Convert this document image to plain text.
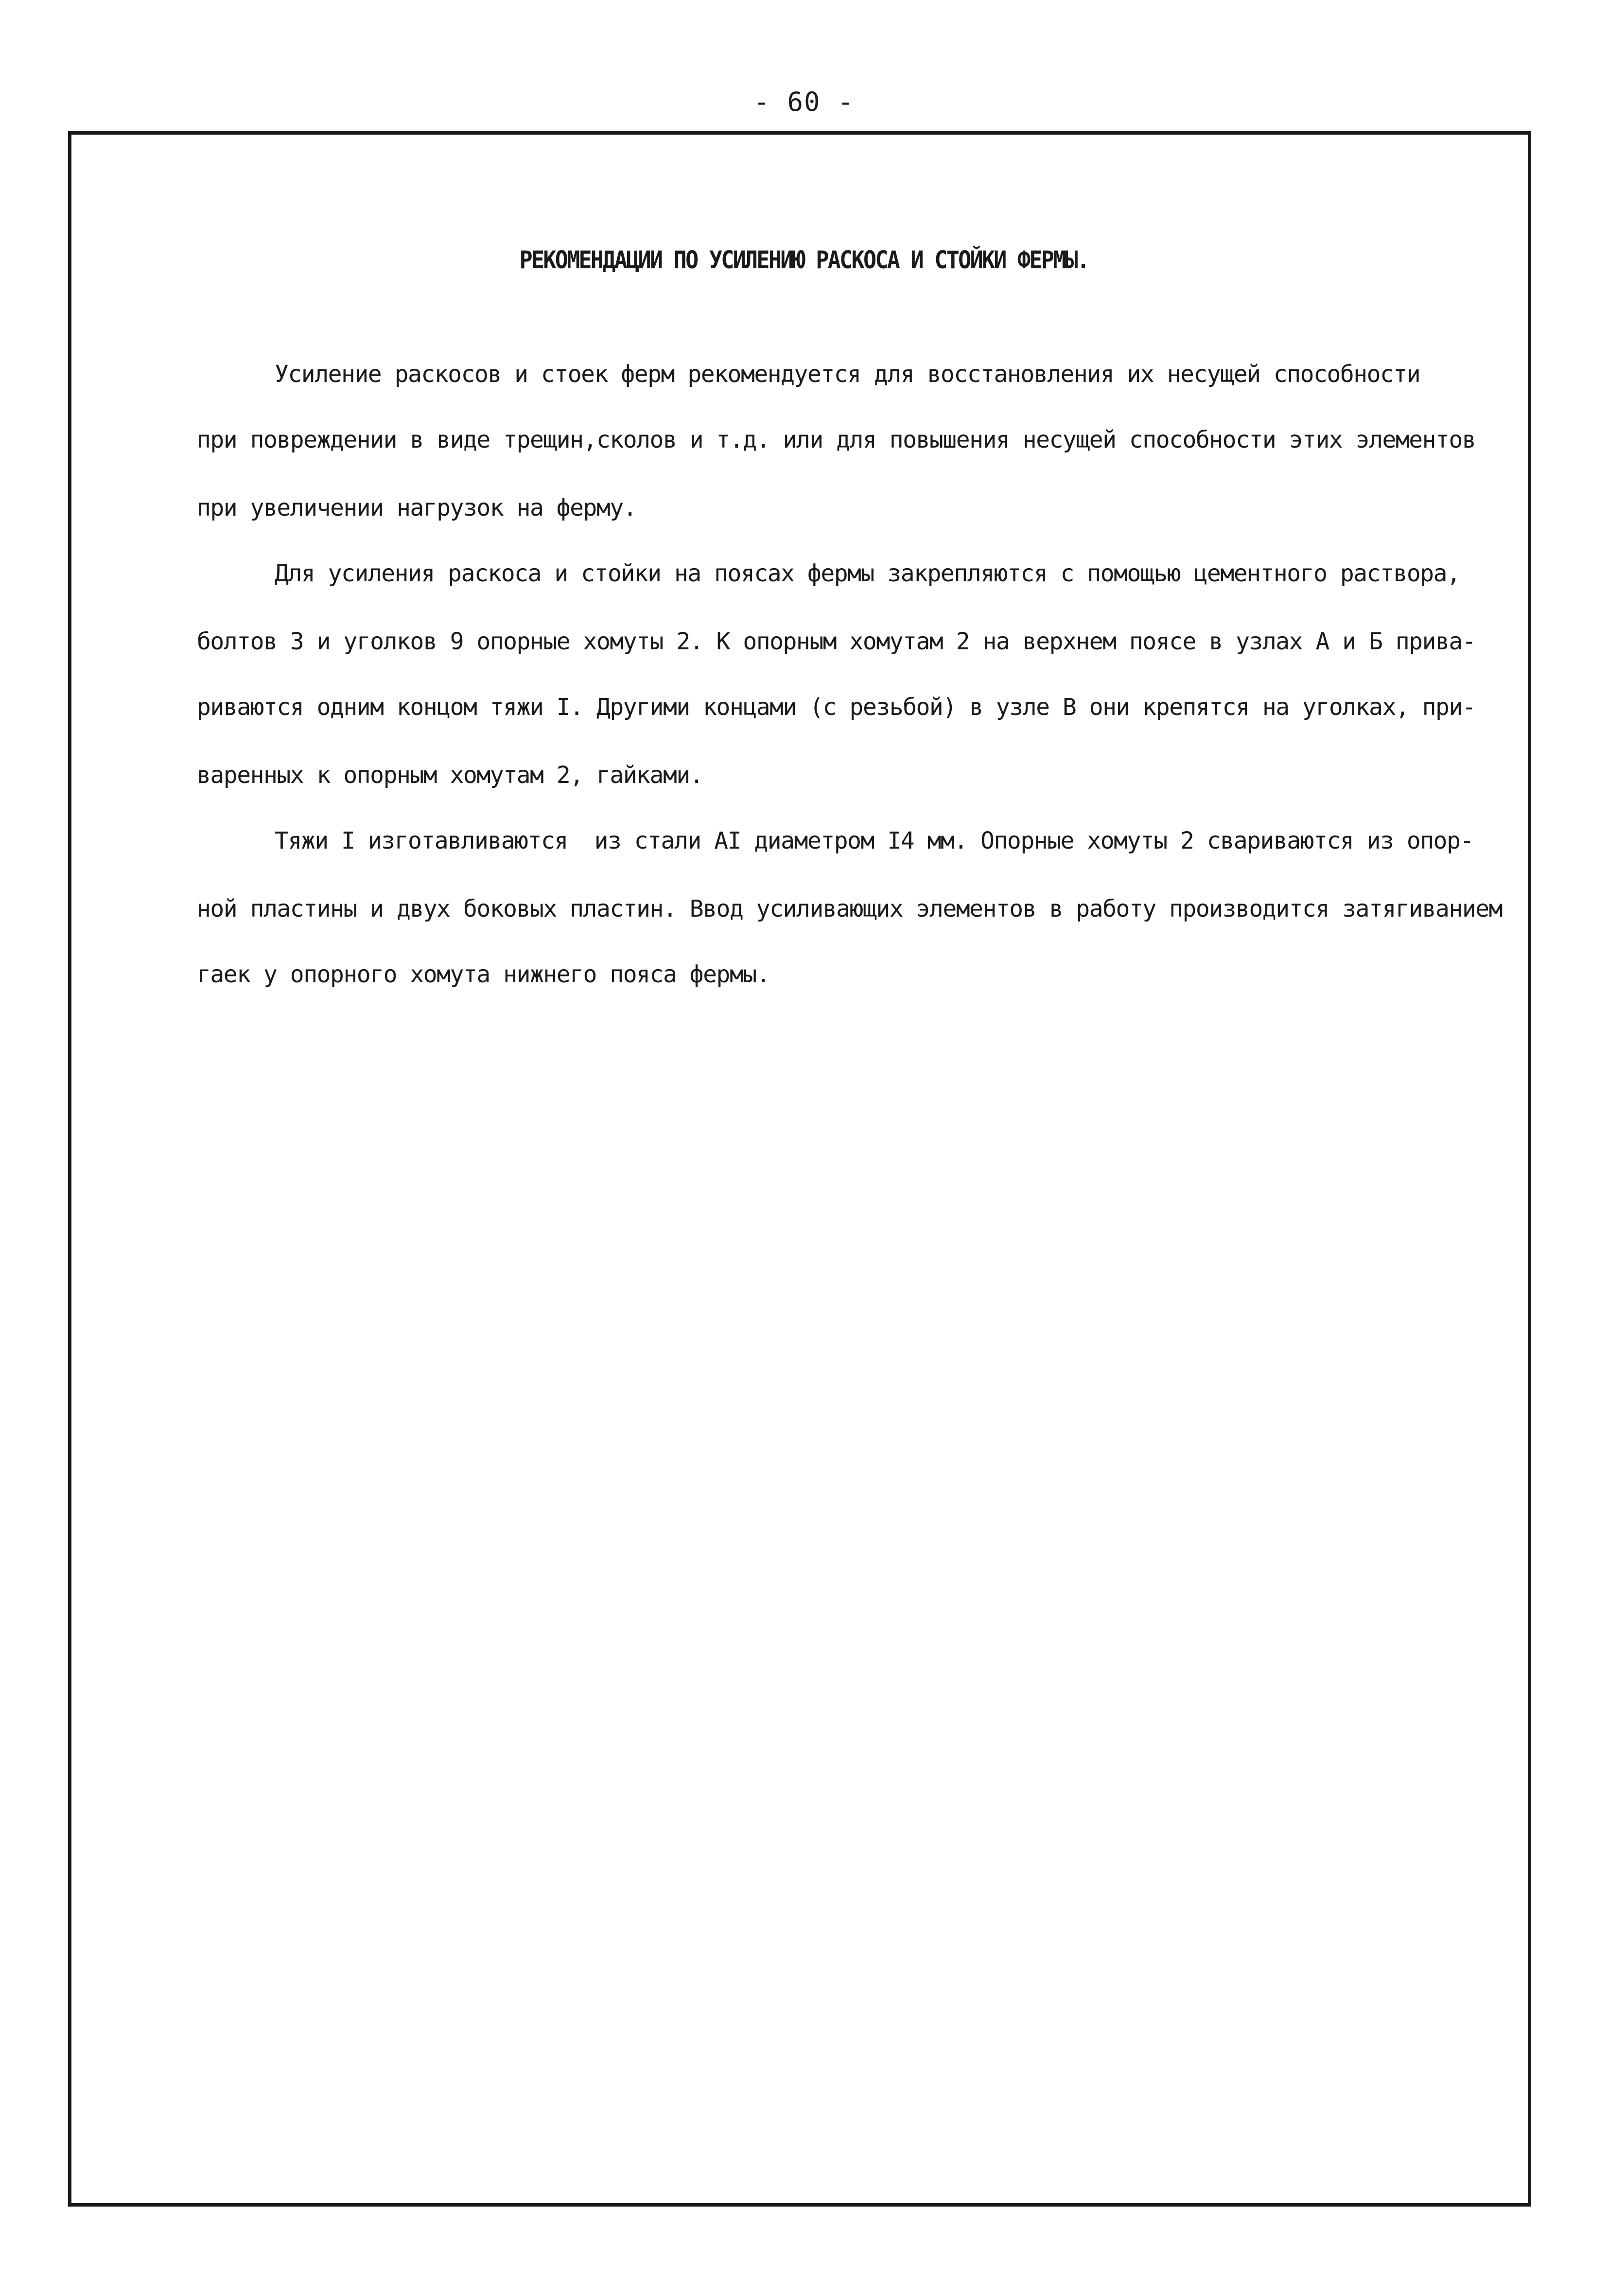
- 60 -
РЕКОМЕНДАЦИИ ПО УСИЛЕНИЮ РАСКОСА И СТОЙКИ ФЕРМЫ.
Усиление раскосов и стоек ферм рекомендуется для восстановления их несущей способности
при повреждении в виде трещин,сколов и т.д. или для повышения несущей способности этих элементов
при увеличении нагрузок на ферму.
Для усиления раскоса и стойки на поясах фермы закрепляются с помощью цементного раствора,
болтов 3 и уголков 9 опорные хомуты 2. К опорным хомутам 2 на верхнем поясе в узлах А и Б прива-
риваются одним концом тяжи I. Другими концами (с резьбой) в узле В они крепятся на уголках, при-
варенных к опорным хомутам 2, гайками.
Тяжи I изготавливаются  из стали АI диаметром I4 мм. Опорные хомуты 2 свариваются из опор-
ной пластины и двух боковых пластин. Ввод усиливающих элементов в работу производится затягиванием
гаек у опорного хомута нижнего пояса фермы.
